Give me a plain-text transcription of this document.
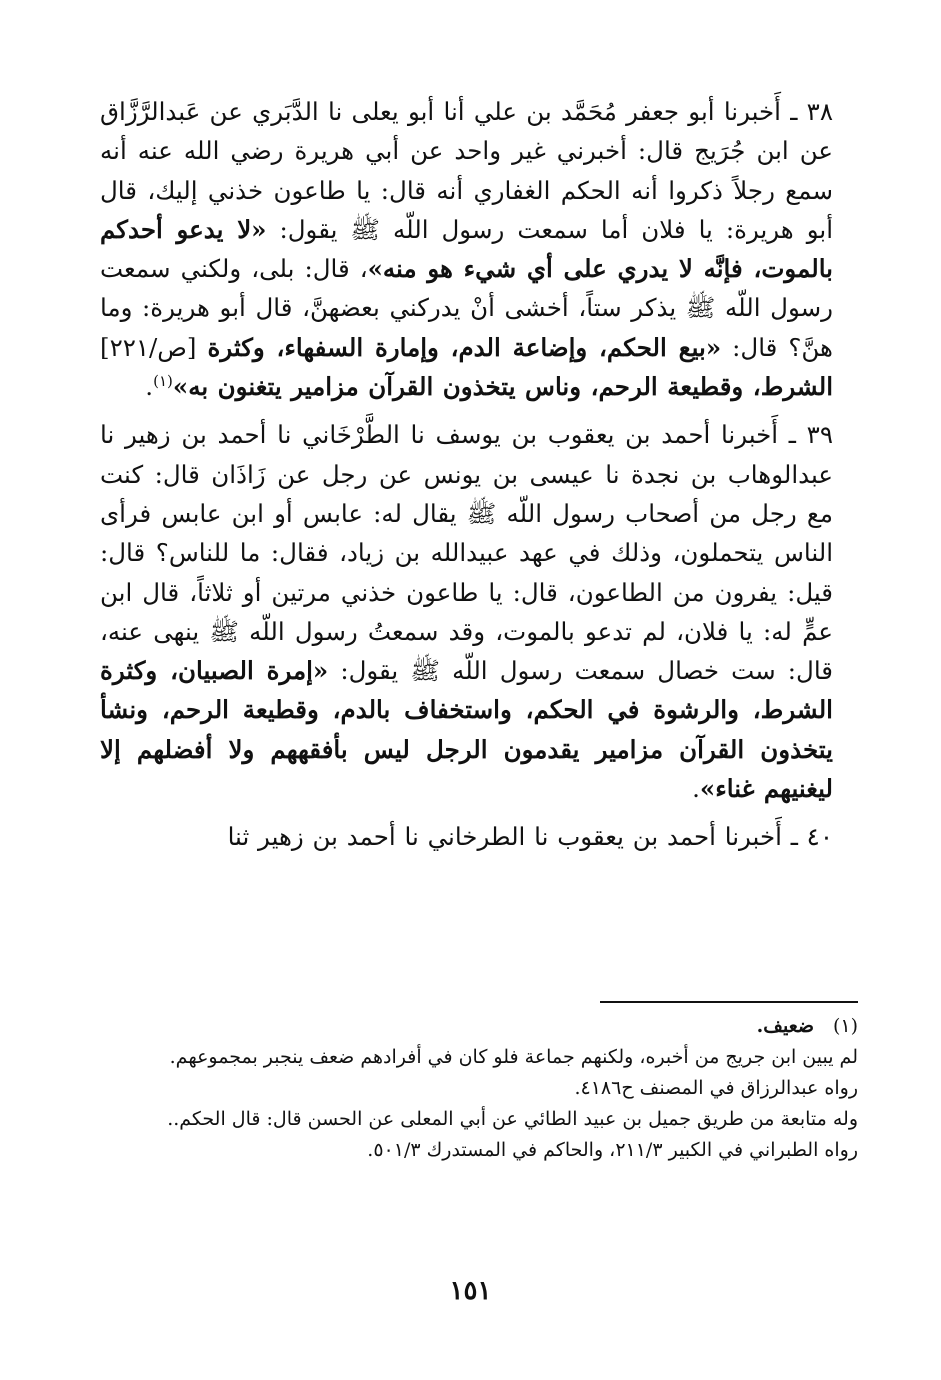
٣٨ ـ أَخبرنا أبو جعفر مُحَمَّد بن علي أنا أبو يعلى نا الدَّبَري عن عَبدالرَّزَّاق عن ابن جُرَيج قال: أخبرني غير واحد عن أبي هريرة رضي الله عنه أنه سمع رجلاً ذكروا أنه الحكم الغفاري أنه قال: يا طاعون خذني إليك، قال أبو هريرة: يا فلان أما سمعت رسول اللّه ﷺ يقول: «لا يدعو أحدكم بالموت، فإنَّه لا يدري على أي شيء هو منه»، قال: بلى، ولكني سمعت رسول اللّه ﷺ يذكر ستاً، أخشى أنْ يدركني بعضهنَّ، قال أبو هريرة: وما هنَّ؟ قال: «بيع الحكم، وإضاعة الدم، وإمارة السفهاء، وكثرة [ص/٢٢١] الشرط، وقطيعة الرحم، وناس يتخذون القرآن مزامير يتغنون به»$^{(١)}$.

٣٩ ـ أَخبرنا أحمد بن يعقوب بن يوسف نا الطَّرْخَاني نا أحمد بن زهير نا عبدالوهاب بن نجدة نا عيسى بن يونس عن رجل عن زَاذَان قال: كنت مع رجل من أصحاب رسول اللّه ﷺ يقال له: عابس أو ابن عابس فرأى الناس يتحملون، وذلك في عهد عبيدالله بن زياد، فقال: ما للناس؟ قال: قيل: يفرون من الطاعون، قال: يا طاعون خذني مرتين أو ثلاثاً، قال ابن عمٍّ له: يا فلان، لم تدعو بالموت، وقد سمعتُ رسول اللّه ﷺ ينهى عنه، قال: ست خصال سمعت رسول اللّه ﷺ يقول: «إمرة الصبيان، وكثرة الشرط، والرشوة في الحكم، واستخفاف بالدم، وقطيعة الرحم، ونشأ يتخذون القرآن مزامير يقدمون الرجل ليس بأفقههم ولا أفضلهم إلا ليغنيهم غناء».

٤٠ ـ أَخبرنا أحمد بن يعقوب نا الطرخاني نا أحمد بن زهير ثنا

(١)ضعيف.
لم يبين ابن جريج من أخبره، ولكنهم جماعة فلو كان في أفرادهم ضعف ينجبر بمجموعهم.
رواه عبدالرزاق في المصنف ح٤١٨٦.
وله متابعة من طريق جميل بن عبيد الطائي عن أبي المعلى عن الحسن قال: قال الحكم..
رواه الطبراني في الكبير ٢١١/٣، والحاكم في المستدرك ٥٠١/٣.
١٥١
